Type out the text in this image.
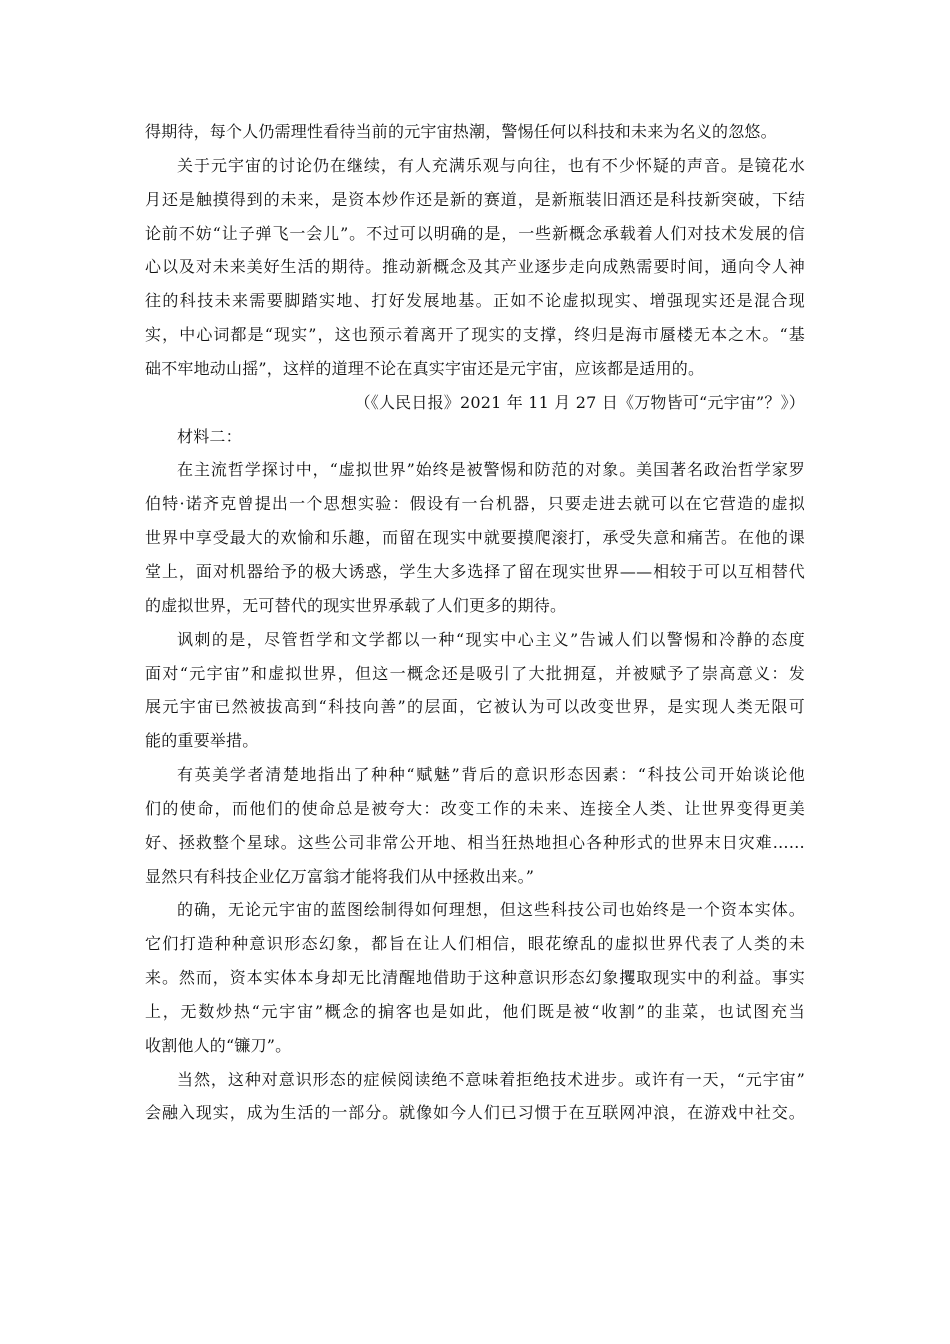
得期待，每个人仍需理性看待当前的元宇宙热潮，警惕任何以科技和未来为名义的忽悠。
关于元宇宙的讨论仍在继续，有人充满乐观与向往，也有不少怀疑的声音。是镜花水
月还是触摸得到的未来，是资本炒作还是新的赛道，是新瓶装旧酒还是科技新突破，下结
论前不妨“让子弹飞一会儿”。不过可以明确的是，一些新概念承载着人们对技术发展的信
心以及对未来美好生活的期待。推动新概念及其产业逐步走向成熟需要时间，通向令人神
往的科技未来需要脚踏实地、打好发展地基。正如不论虚拟现实、增强现实还是混合现
实，中心词都是“现实”，这也预示着离开了现实的支撑，终归是海市蜃楼无本之木。“基
础不牢地动山摇”，这样的道理不论在真实宇宙还是元宇宙，应该都是适用的。
（《人民日报》2021 年 11 月 27 日《万物皆可“元宇宙”？》）
材料二：
在主流哲学探讨中，“虚拟世界”始终是被警惕和防范的对象。美国著名政治哲学家罗
伯特·诺齐克曾提出一个思想实验：假设有一台机器，只要走进去就可以在它营造的虚拟
世界中享受最大的欢愉和乐趣，而留在现实中就要摸爬滚打，承受失意和痛苦。在他的课
堂上，面对机器给予的极大诱惑，学生大多选择了留在现实世界——相较于可以互相替代
的虚拟世界，无可替代的现实世界承载了人们更多的期待。
讽刺的是，尽管哲学和文学都以一种“现实中心主义”告诫人们以警惕和冷静的态度
面对“元宇宙”和虚拟世界，但这一概念还是吸引了大批拥趸，并被赋予了崇高意义：发
展元宇宙已然被拔高到“科技向善”的层面，它被认为可以改变世界，是实现人类无限可
能的重要举措。
有英美学者清楚地指出了种种“赋魅”背后的意识形态因素：“科技公司开始谈论他
们的使命，而他们的使命总是被夸大：改变工作的未来、连接全人类、让世界变得更美
好、拯救整个星球。这些公司非常公开地、相当狂热地担心各种形式的世界末日灾难……
显然只有科技企业亿万富翁才能将我们从中拯救出来。”
的确，无论元宇宙的蓝图绘制得如何理想，但这些科技公司也始终是一个资本实体。
它们打造种种意识形态幻象，都旨在让人们相信，眼花缭乱的虚拟世界代表了人类的未
来。然而，资本实体本身却无比清醒地借助于这种意识形态幻象攫取现实中的利益。事实
上，无数炒热“元宇宙”概念的掮客也是如此，他们既是被“收割”的韭菜，也试图充当
收割他人的“镰刀”。
当然，这种对意识形态的症候阅读绝不意味着拒绝技术进步。或许有一天，“元宇宙”
会融入现实，成为生活的一部分。就像如今人们已习惯于在互联网冲浪，在游戏中社交。
